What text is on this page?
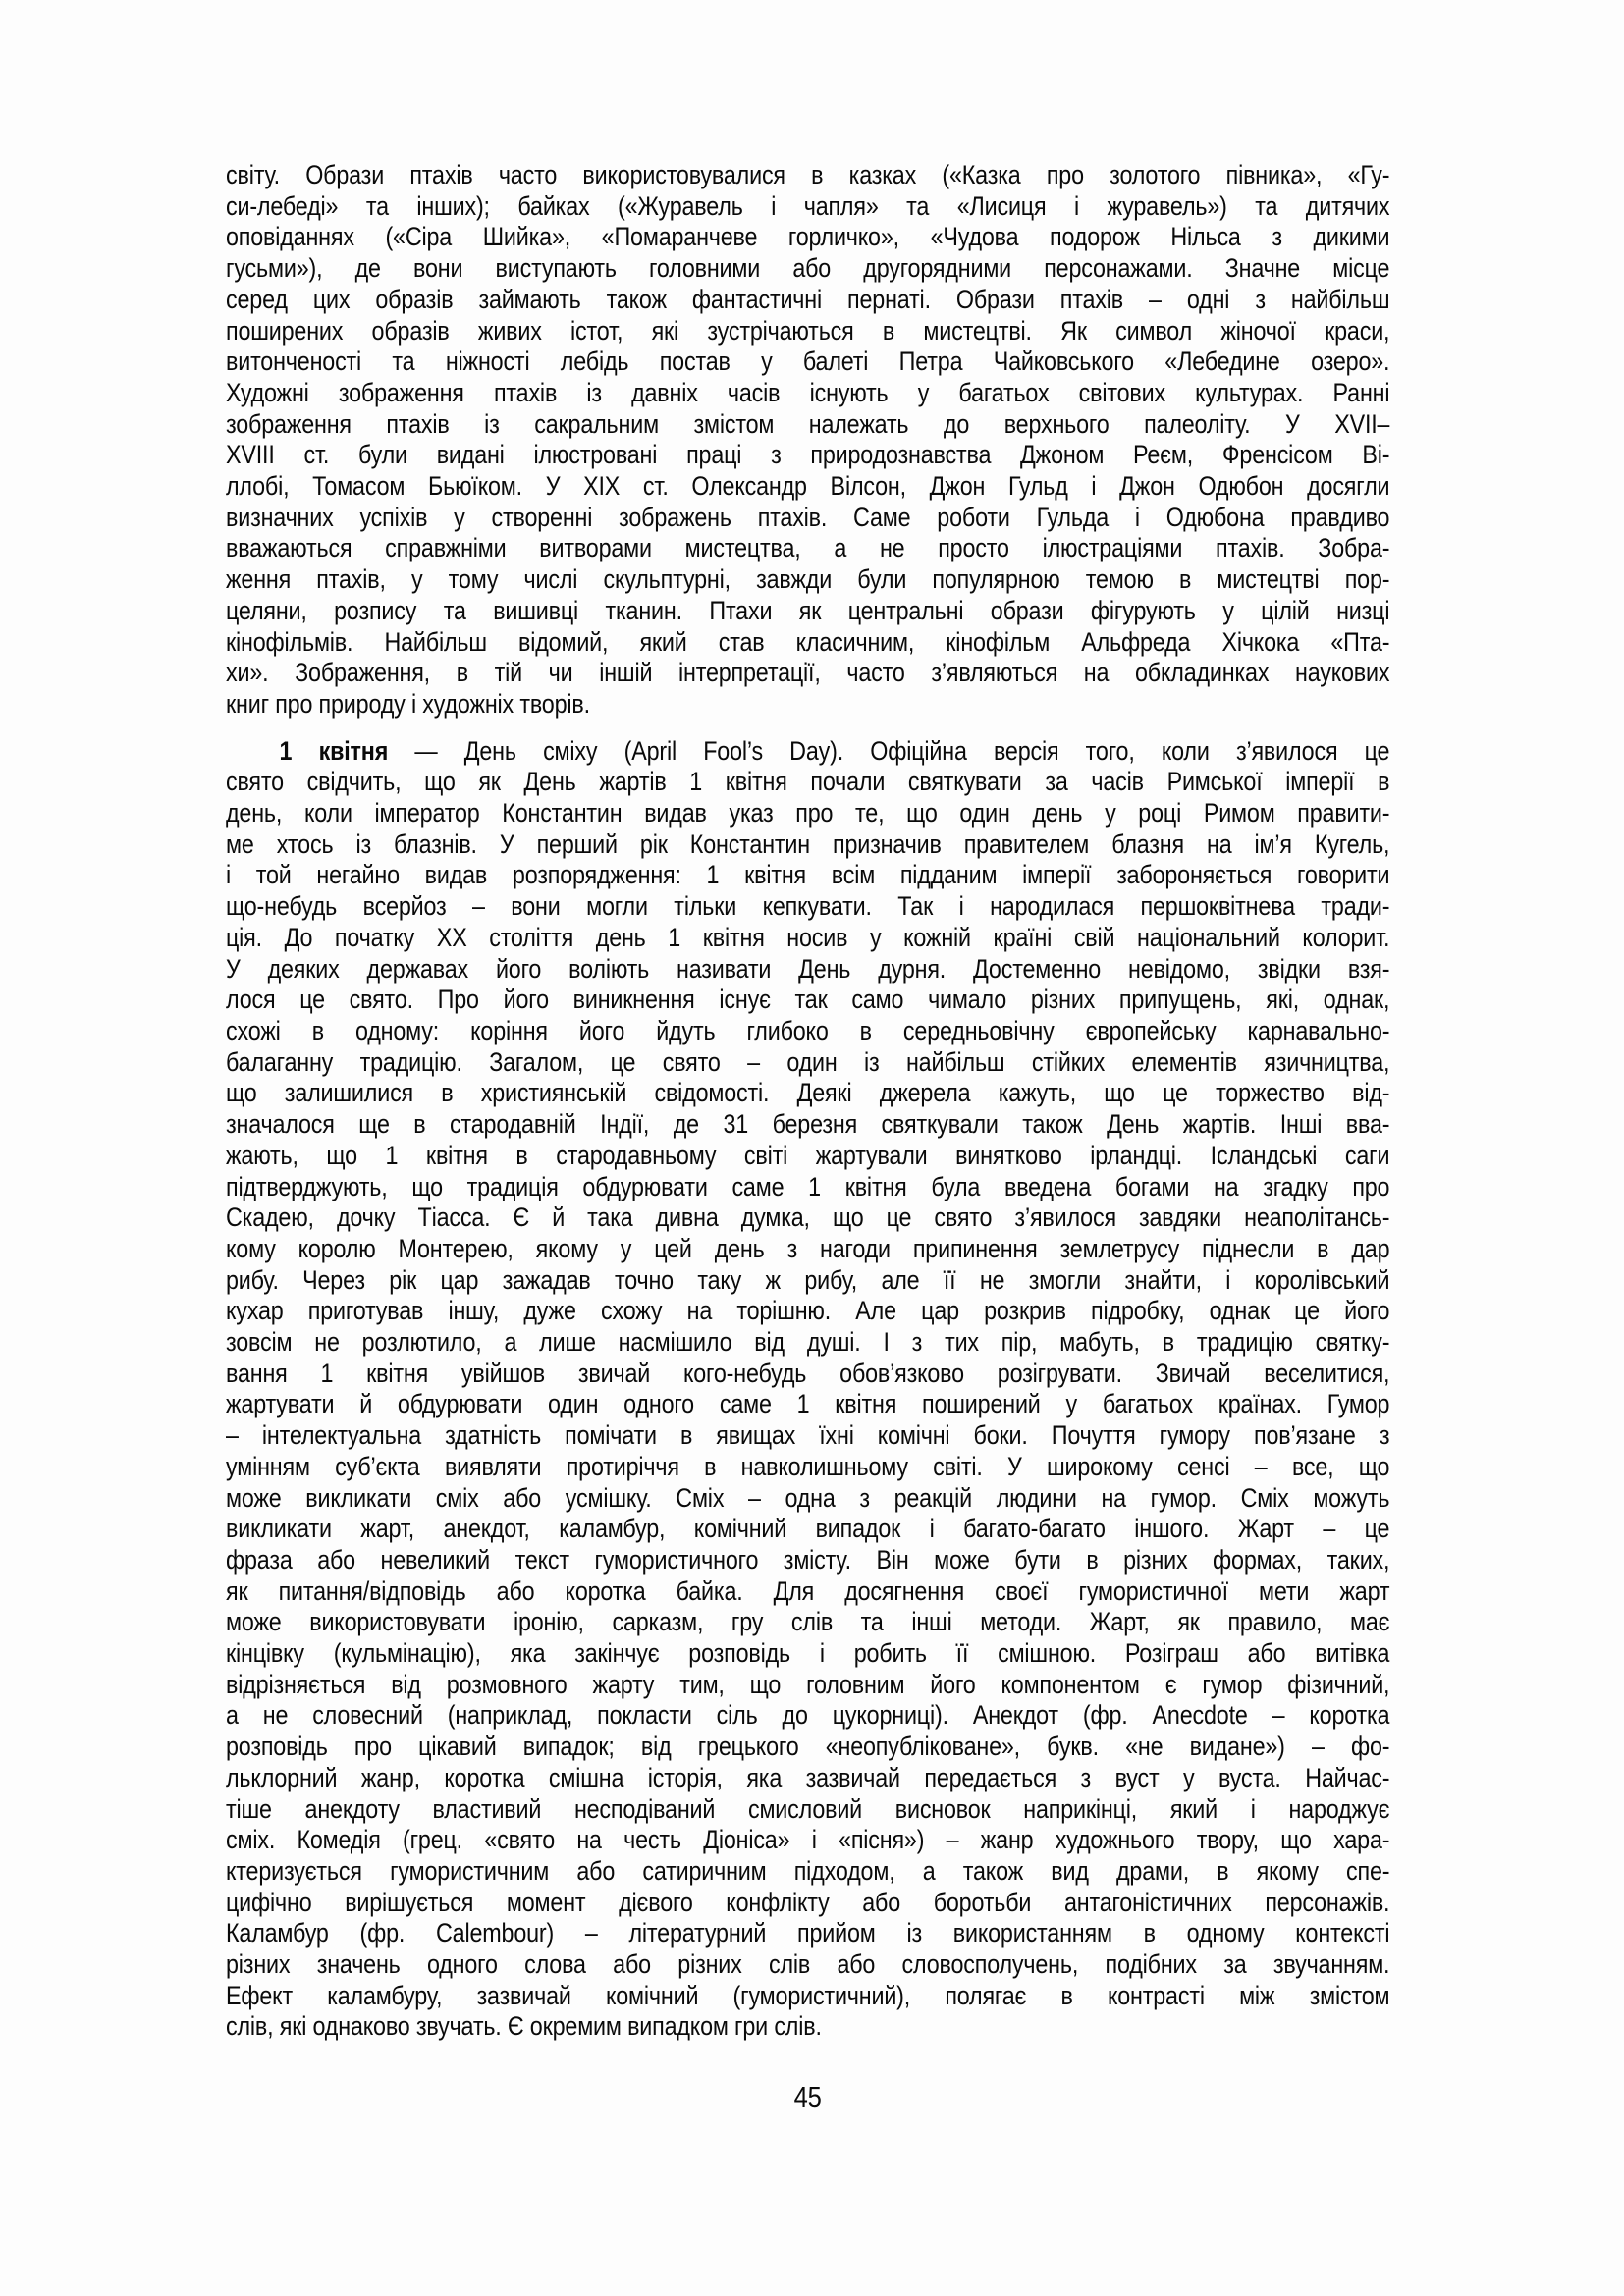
світу. Образи птахів часто використовувалися в казках («Казка про золотого півника», «Гу-
си-лебеді» та інших); байках («Журавель і чапля» та «Лисиця і журавель») та дитячих
оповіданнях («Сіра Шийка», «Помаранчеве горличко», «Чудова подорож Нільса з дикими
гусьми»), де вони виступають головними або другорядними персонажами. Значне місце
серед цих образів займають також фантастичні пернаті. Образи птахів – одні з найбільш
поширених образів живих істот, які зустрічаються в мистецтві. Як символ жіночої краси,
витонченості та ніжності лебідь постав у балеті Петра Чайковського «Лебедине озеро».
Художні зображення птахів із давніх часів існують у багатьох світових культурах. Ранні
зображення птахів із сакральним змістом належать до верхнього палеоліту. У XVII–
XVIII ст. були видані ілюстровані праці з природознавства Джоном Реєм, Френсісом Ві-
ллобі, Томасом Бьюїком. У XIX ст. Олександр Вілсон, Джон Гульд і Джон Одюбон досягли
визначних успіхів у створенні зображень птахів. Саме роботи Гульда і Одюбона правдиво
вважаються справжніми витворами мистецтва, а не просто ілюстраціями птахів. Зобра-
ження птахів, у тому числі скульптурні, завжди були популярною темою в мистецтві пор-
целяни, розпису та вишивці тканин. Птахи як центральні образи фігурують у цілій низці
кінофільмів. Найбільш відомий, який став класичним, кінофільм Альфреда Хічкока «Пта-
хи». Зображення, в тій чи іншій інтерпретації, часто з’являються на обкладинках наукових
книг про природу і художніх творів.
1 квітня — День сміху (April Fool’s Day). Офіційна версія того, коли з’явилося це
свято свідчить, що як День жартів 1 квітня почали святкувати за часів Римської імперії в
день, коли імператор Константин видав указ про те, що один день у році Римом правити-
ме хтось із блазнів. У перший рік Константин призначив правителем блазня на ім’я Кугель,
і той негайно видав розпорядження: 1 квітня всім підданим імперії забороняється говорити
що-небудь всерйоз – вони могли тільки кепкувати. Так і народилася першоквітнева тради-
ція. До початку XX століття день 1 квітня носив у кожній країні свій національний колорит.
У деяких державах його воліють називати День дурня. Достеменно невідомо, звідки взя-
лося це свято. Про його виникнення існує так само чимало різних припущень, які, однак,
схожі в одному: коріння його йдуть глибоко в середньовічну європейську карнавально-
балаганну традицію. Загалом, це свято – один із найбільш стійких елементів язичництва,
що залишилися в християнській свідомості. Деякі джерела кажуть, що це торжество від-
значалося ще в стародавній Індії, де 31 березня святкували також День жартів. Інші вва-
жають, що 1 квітня в стародавньому світі жартували винятково ірландці. Ісландські саги
підтверджують, що традиція обдурювати саме 1 квітня була введена богами на згадку про
Скадею, дочку Тіасса. Є й така дивна думка, що це свято з’явилося завдяки неаполітансь-
кому королю Монтерею, якому у цей день з нагоди припинення землетрусу піднесли в дар
рибу. Через рік цар зажадав точно таку ж рибу, але її не змогли знайти, і королівський
кухар приготував іншу, дуже схожу на торішню. Але цар розкрив підробку, однак це його
зовсім не розлютило, а лише насмішило від душі. І з тих пір, мабуть, в традицію святку-
вання 1 квітня увійшов звичай кого-небудь обов’язково розігрувати. Звичай веселитися,
жартувати й обдурювати один одного саме 1 квітня поширений у багатьох країнах. Гумор
– інтелектуальна здатність помічати в явищах їхні комічні боки. Почуття гумору пов’язане з
умінням суб’єкта виявляти протиріччя в навколишньому світі. У широкому сенсі – все, що
може викликати сміх або усмішку. Сміх – одна з реакцій людини на гумор. Сміх можуть
викликати жарт, анекдот, каламбур, комічний випадок і багато-багато іншого. Жарт – це
фраза або невеликий текст гумористичного змісту. Він може бути в різних формах, таких,
як питання/відповідь або коротка байка. Для досягнення своєї гумористичної мети жарт
може використовувати іронію, сарказм, гру слів та інші методи. Жарт, як правило, має
кінцівку (кульмінацію), яка закінчує розповідь і робить її смішною. Розіграш або витівка
відрізняється від розмовного жарту тим, що головним його компонентом є гумор фізичний,
а не словесний (наприклад, покласти сіль до цукорниці). Анекдот (фр. Anecdote – коротка
розповідь про цікавий випадок; від грецького «неопубліковане», букв. «не видане») – фо-
льклорний жанр, коротка смішна історія, яка зазвичай передається з вуст у вуста. Найчас-
тіше анекдоту властивий несподіваний смисловий висновок наприкінці, який і народжує
сміх. Комедія (грец. «свято на честь Діоніса» і «пісня») – жанр художнього твору, що хара-
ктеризується гумористичним або сатиричним підходом, а також вид драми, в якому спе-
цифічно вирішується момент дієвого конфлікту або боротьби антагоністичних персонажів.
Каламбур (фр. Calembour) – літературний прийом із використанням в одному контексті
різних значень одного слова або різних слів або словосполучень, подібних за звучанням.
Ефект каламбуру, зазвичай комічний (гумористичний), полягає в контрасті між змістом
слів, які однаково звучать. Є окремим випадком гри слів.
45
